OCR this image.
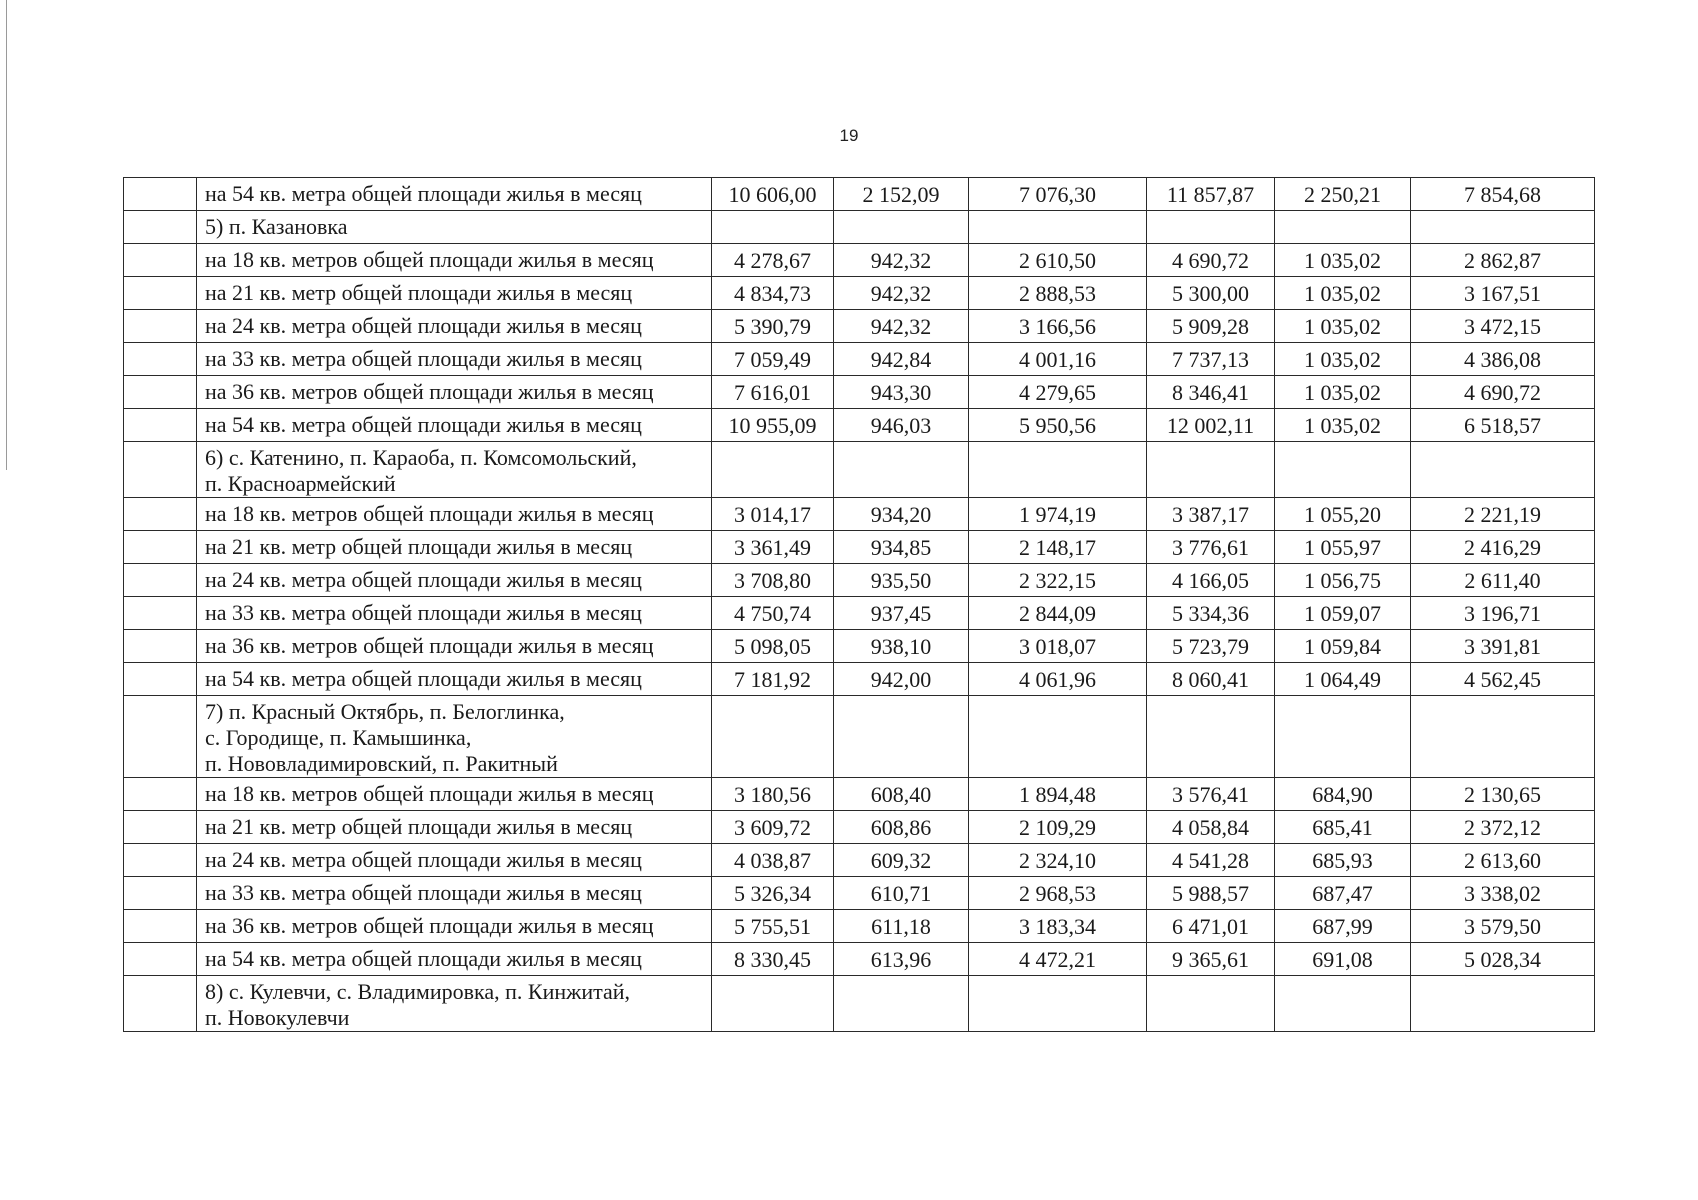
19
	на 54 кв. метра общей площади жилья в месяц	10 606,00	2 152,09	7 076,30	11 857,87	2 250,21	7 854,68
	5) п. Казановка						
	на 18 кв. метров общей площади жилья в месяц	4 278,67	942,32	2 610,50	4 690,72	1 035,02	2 862,87
	на 21 кв. метр общей площади жилья в месяц	4 834,73	942,32	2 888,53	5 300,00	1 035,02	3 167,51
	на 24 кв. метра общей площади жилья в месяц	5 390,79	942,32	3 166,56	5 909,28	1 035,02	3 472,15
	на 33 кв. метра общей площади жилья в месяц	7 059,49	942,84	4 001,16	7 737,13	1 035,02	4 386,08
	на 36 кв. метров общей площади жилья в месяц	7 616,01	943,30	4 279,65	8 346,41	1 035,02	4 690,72
	на 54 кв. метра общей площади жилья в месяц	10 955,09	946,03	5 950,56	12 002,11	1 035,02	6 518,57
	6) с. Катенино, п. Караоба, п. Комсомольский,
п. Красноармейский						
	на 18 кв. метров общей площади жилья в месяц	3 014,17	934,20	1 974,19	3 387,17	1 055,20	2 221,19
	на 21 кв. метр общей площади жилья в месяц	3 361,49	934,85	2 148,17	3 776,61	1 055,97	2 416,29
	на 24 кв. метра общей площади жилья в месяц	3 708,80	935,50	2 322,15	4 166,05	1 056,75	2 611,40
	на 33 кв. метра общей площади жилья в месяц	4 750,74	937,45	2 844,09	5 334,36	1 059,07	3 196,71
	на 36 кв. метров общей площади жилья в месяц	5 098,05	938,10	3 018,07	5 723,79	1 059,84	3 391,81
	на 54 кв. метра общей площади жилья в месяц	7 181,92	942,00	4 061,96	8 060,41	1 064,49	4 562,45
	7) п. Красный Октябрь, п. Белоглинка,
с. Городище, п. Камышинка,
п. Нововладимировский, п. Ракитный						
	на 18 кв. метров общей площади жилья в месяц	3 180,56	608,40	1 894,48	3 576,41	684,90	2 130,65
	на 21 кв. метр общей площади жилья в месяц	3 609,72	608,86	2 109,29	4 058,84	685,41	2 372,12
	на 24 кв. метра общей площади жилья в месяц	4 038,87	609,32	2 324,10	4 541,28	685,93	2 613,60
	на 33 кв. метра общей площади жилья в месяц	5 326,34	610,71	2 968,53	5 988,57	687,47	3 338,02
	на 36 кв. метров общей площади жилья в месяц	5 755,51	611,18	3 183,34	6 471,01	687,99	3 579,50
	на 54 кв. метра общей площади жилья в месяц	8 330,45	613,96	4 472,21	9 365,61	691,08	5 028,34
	8) с. Кулевчи, с. Владимировка, п. Кинжитай,
п. Новокулевчи						
